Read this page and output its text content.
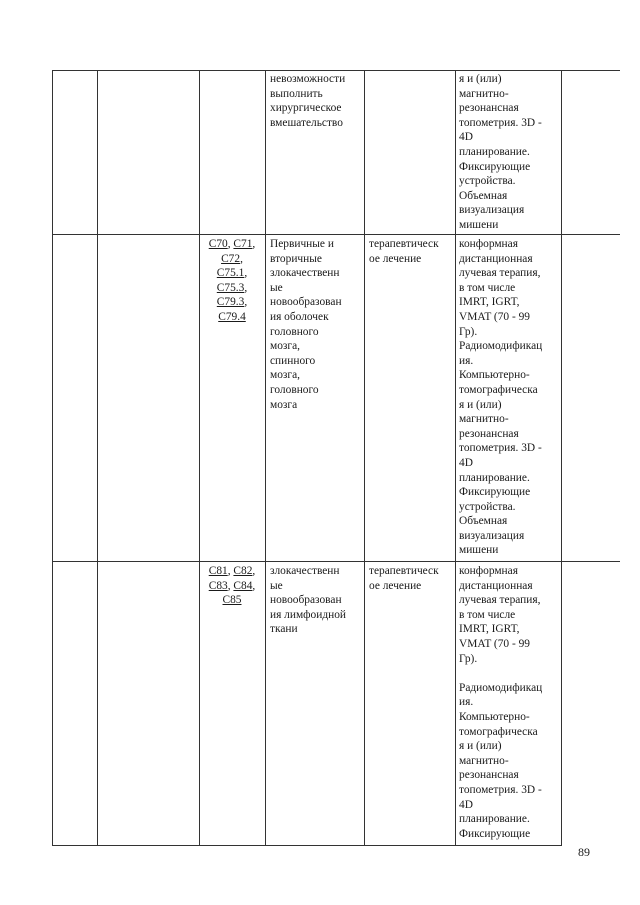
невозможности
выполнить
хирургическое
вмешательство
я и (или)
магнитно-
резонансная
топометрия. 3D -
4D
планирование.
Фиксирующие
устройства.
Объемная
визуализация
мишени
C70, C71,
C72,
C75.1,
C75.3,
C79.3,
C79.4
Первичные и
вторичные
злокачественн
ые
новообразован
ия оболочек
головного
мозга,
спинного
мозга,
головного
мозга
терапевтическ
ое лечение
конформная
дистанционная
лучевая терапия,
в том числе
IMRT, IGRT,
VMAT (70 - 99
Гр).
Радиомодификац
ия.
Компьютерно-
томографическа
я и (или)
магнитно-
резонансная
топометрия. 3D -
4D
планирование.
Фиксирующие
устройства.
Объемная
визуализация
мишени
C81, C82,
C83, C84,
C85
злокачественн
ые
новообразован
ия лимфоидной
ткани
терапевтическ
ое лечение
конформная
дистанционная
лучевая терапия,
в том числе
IMRT, IGRT,
VMAT (70 - 99
Гр).

Радиомодификац
ия.
Компьютерно-
томографическа
я и (или)
магнитно-
резонансная
топометрия. 3D -
4D
планирование.
Фиксирующие
89
